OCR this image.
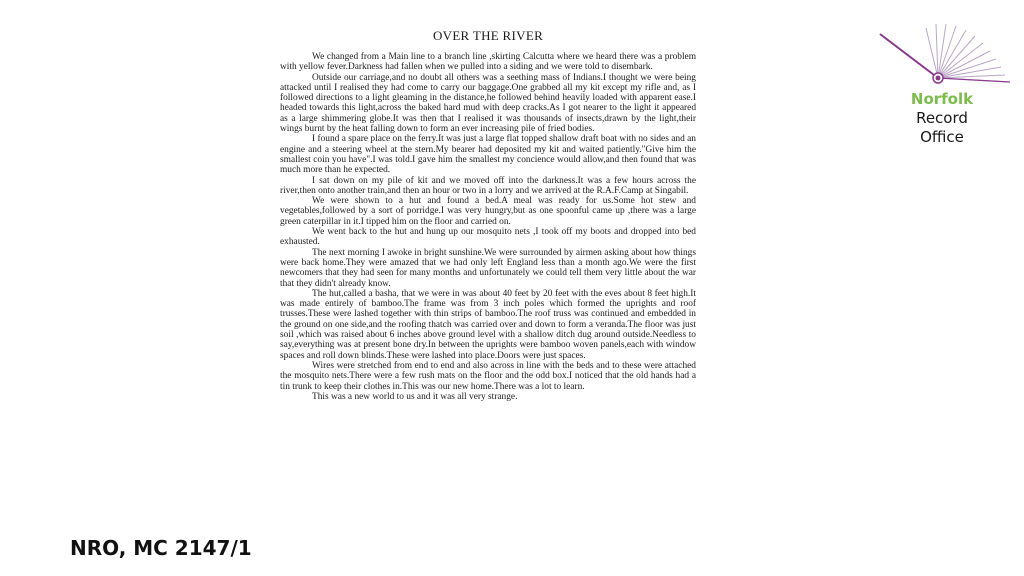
OVER THE RIVER

We changed from a Main line to a branch line ,skirting Calcutta where we heard there was a problem with yellow fever.Darkness had fallen when we pulled into a siding and we were told to disembark.

Outside our carriage,and no doubt all others was a seething mass of Indians.I thought we were being attacked until I realised they had come to carry our baggage.One grabbed all my kit except my rifle and, as I followed directions to a light gleaming in the distance,he followed behind heavily loaded with apparent ease.I headed towards this light,across the baked hard mud with deep cracks.As I got nearer to the light it appeared as a large shimmering globe.It was then that I realised it was thousands of insects,drawn by the light,their wings burnt by the heat falling down to form an ever increasing pile of fried bodies.

I found a spare place on the ferry.It was just a large flat topped shallow draft boat with no sides and an engine and a steering wheel at the stern.My bearer had deposited my kit and waited patiently."Give him the smallest coin you have".I was told.I gave him the smallest my concience would allow,and then found that was much more than he expected.

I sat down on my pile of kit and we moved off into the darkness.It was a few hours across the river,then onto another train,and then an hour or two in a lorry and we arrived at the R.A.F.Camp at Singabil.

We were shown to a hut and found a bed.A meal was ready for us.Some hot stew and vegetables,followed by a sort of porridge.I was very hungry,but as one spoonful came up ,there was a large green caterpillar in it.I tipped him on the floor and carried on.

We went back to the hut and hung up our mosquito nets ,I took off my boots and dropped into bed exhausted.

The next morning I awoke in bright sunshine.We were surrounded by airmen asking about how things were back home.They were amazed that we had only left England less than a month ago.We were the first newcomers that they had seen for many months and unfortunately we could tell them very little about the war that they didn't already know.

The hut,called a basha, that we were in was about 40 feet by 20 feet with the eves about 8 feet high.It was made entirely of bamboo.The frame was from 3 inch poles which formed the uprights and roof trusses.These were lashed together with thin strips of bamboo.The roof truss was continued and embedded in the ground on one side,and the roofing thatch was carried over and down to form a veranda.The floor was just soil ,which was raised about 6 inches above ground level with a shallow ditch dug around outside.Needless to say,everything was at present bone dry.In between the uprights were bamboo woven panels,each with window spaces and roll down blinds.These were lashed into place.Doors were just spaces.

Wires were stretched from end to end and also across in line with the beds and to these were attached the mosquito nets.There were a few rush mats on the floor and the odd box.I noticed that the old hands had a tin trunk to keep their clothes in.This was our new home.There was a lot to learn.

This was a new world to us and it was all very strange.

Norfolk
Record
Office
NRO, MC 2147/1
